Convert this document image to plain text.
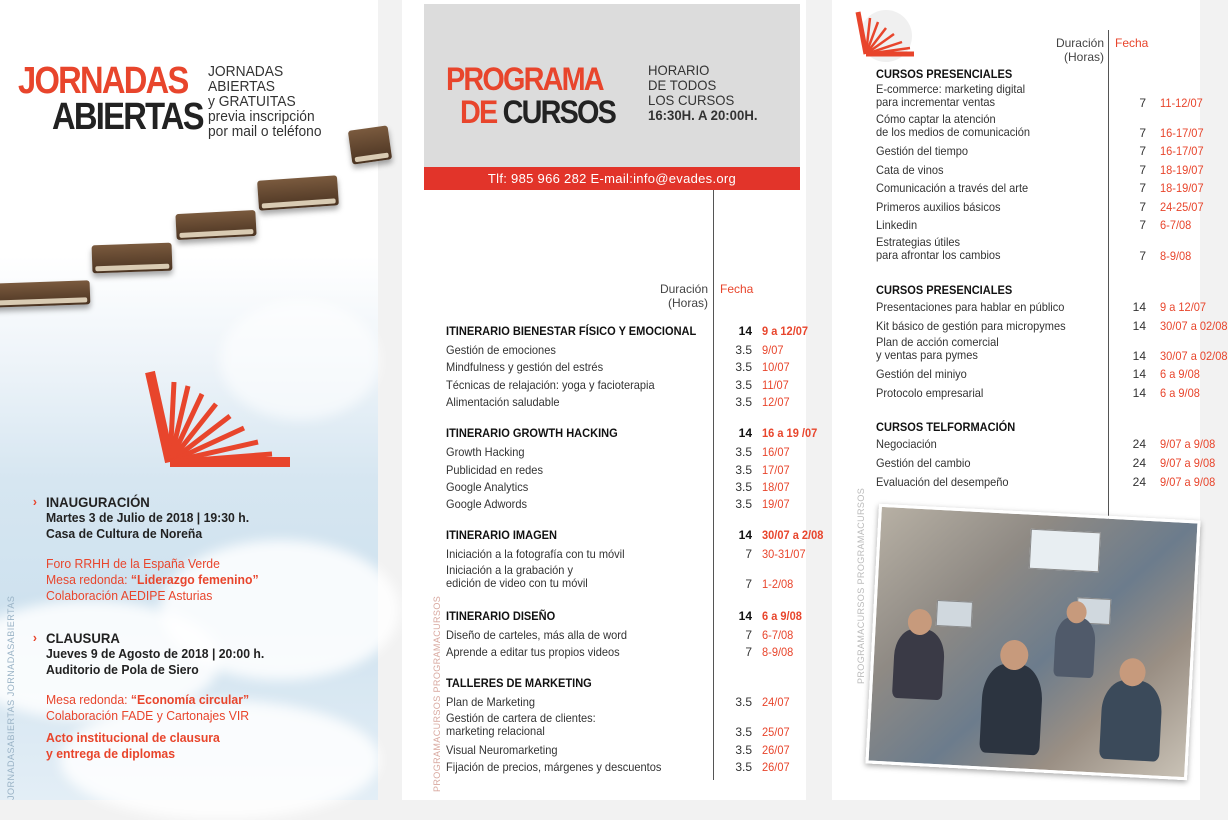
JORNADAS
ABIERTAS
JORNADAS
ABIERTAS
y GRATUITAS
previa inscripción
por mail o teléfono
› INAUGURACIÓN
Martes 3 de Julio de 2018 | 19:30 h.
Casa de Cultura de Noreña
Foro RRHH de la España Verde
Mesa redonda: “Liderazgo femenino”
Colaboración AEDIPE Asturias
› CLAUSURA
Jueves 9 de Agosto de 2018 | 20:00 h.
Auditorio de Pola de Siero
Mesa redonda: “Economía circular”
Colaboración FADE y Cartonajes VIR
Acto institucional de clausura
y entrega de diplomas
JORNADASABIERTAS JORNADASABIERTAS
PROGRAMA
DE CURSOS
HORARIO
DE TODOS
LOS CURSOS
16:30H. A 20:00H.
Tlf: 985 966 282 E-mail:info@evades.org
Duración
(Horas)
Fecha
ITINERARIO BIENESTAR FÍSICO Y EMOCIONAL	14 9 a 12/07
Gestión de emociones	3.5 9/07
Mindfulness y gestión del estrés	3.5 10/07
Técnicas de relajación: yoga y facioterapia	3.5 11/07
Alimentación saludable	3.5 12/07
ITINERARIO GROWTH HACKING	14 16 a 19 /07
Growth Hacking	3.5 16/07
Publicidad en redes	3.5 17/07
Google Analytics	3.5 18/07
Google Adwords	3.5 19/07
ITINERARIO IMAGEN	14 30/07 a 2/08
Iniciación a la fotografía con tu móvil	7 30-31/07
Iniciación a la grabación y
edición de video con tu móvil	7 1-2/08
ITINERARIO DISEÑO	14 6 a 9/08
Diseño de carteles, más alla de word	7 6-7/08
Aprende a editar tus propios videos	7 8-9/08
TALLERES DE MARKETING
Plan de Marketing	3.5 24/07
Gestión de cartera de clientes:
marketing relacional	3.5 25/07
Visual Neuromarketing	3.5 26/07
Fijación de precios, márgenes y descuentos	3.5 26/07
PROGRAMACURSOS PROGRAMACURSOS
Duración
(Horas)
Fecha
CURSOS PRESENCIALES
E-commerce: marketing digital
para incrementar ventas	7 11-12/07
Cómo captar la atención
de los medios de comunicación	7 16-17/07
Gestión del tiempo	7 16-17/07
Cata de vinos	7 18-19/07
Comunicación a través del arte	7 18-19/07
Primeros auxilios básicos	7 24-25/07
Linkedin	7 6-7/08
Estrategias útiles
para afrontar los cambios	7 8-9/08
CURSOS PRESENCIALES
Presentaciones para hablar en público	14 9 a 12/07
Kit básico de gestión para micropymes	14 30/07 a 02/08
Plan de acción comercial
y ventas para pymes	14 30/07 a 02/08
Gestión del miniyo	14 6 a 9/08
Protocolo empresarial	14 6 a 9/08
CURSOS TELFORMACIÓN
Negociación	24 9/07 a 9/08
Gestión del cambio	24 9/07 a 9/08
Evaluación del desempeño	24 9/07 a 9/08
PROGRAMACURSOS PROGRAMACURSOS
